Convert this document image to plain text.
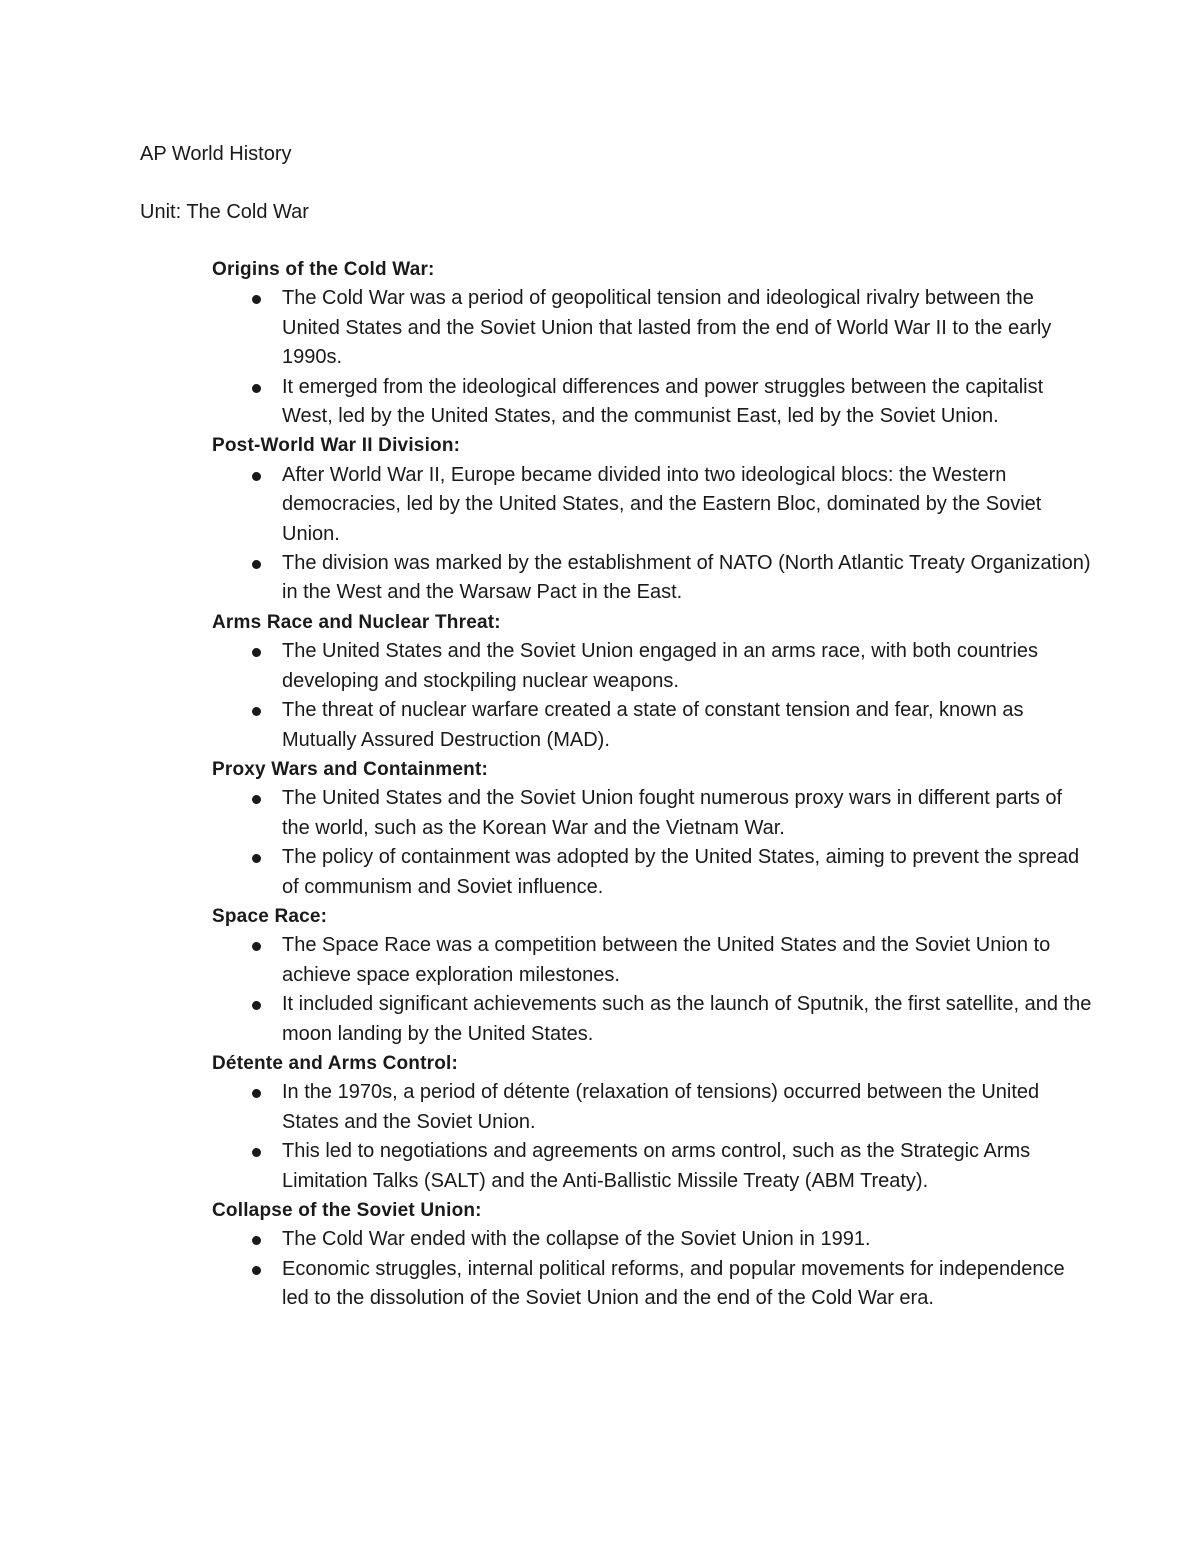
AP World History

Unit: The Cold War

Origins of the Cold War:
The Cold War was a period of geopolitical tension and ideological rivalry between the United States and the Soviet Union that lasted from the end of World War II to the early 1990s.
It emerged from the ideological differences and power struggles between the capitalist West, led by the United States, and the communist East, led by the Soviet Union.
Post-World War II Division:
After World War II, Europe became divided into two ideological blocs: the Western democracies, led by the United States, and the Eastern Bloc, dominated by the Soviet Union.
The division was marked by the establishment of NATO (North Atlantic Treaty Organization) in the West and the Warsaw Pact in the East.
Arms Race and Nuclear Threat:
The United States and the Soviet Union engaged in an arms race, with both countries developing and stockpiling nuclear weapons.
The threat of nuclear warfare created a state of constant tension and fear, known as Mutually Assured Destruction (MAD).
Proxy Wars and Containment:
The United States and the Soviet Union fought numerous proxy wars in different parts of the world, such as the Korean War and the Vietnam War.
The policy of containment was adopted by the United States, aiming to prevent the spread of communism and Soviet influence.
Space Race:
The Space Race was a competition between the United States and the Soviet Union to achieve space exploration milestones.
It included significant achievements such as the launch of Sputnik, the first satellite, and the moon landing by the United States.
Détente and Arms Control:
In the 1970s, a period of détente (relaxation of tensions) occurred between the United States and the Soviet Union.
This led to negotiations and agreements on arms control, such as the Strategic Arms Limitation Talks (SALT) and the Anti-Ballistic Missile Treaty (ABM Treaty).
Collapse of the Soviet Union:
The Cold War ended with the collapse of the Soviet Union in 1991.
Economic struggles, internal political reforms, and popular movements for independence led to the dissolution of the Soviet Union and the end of the Cold War era.
